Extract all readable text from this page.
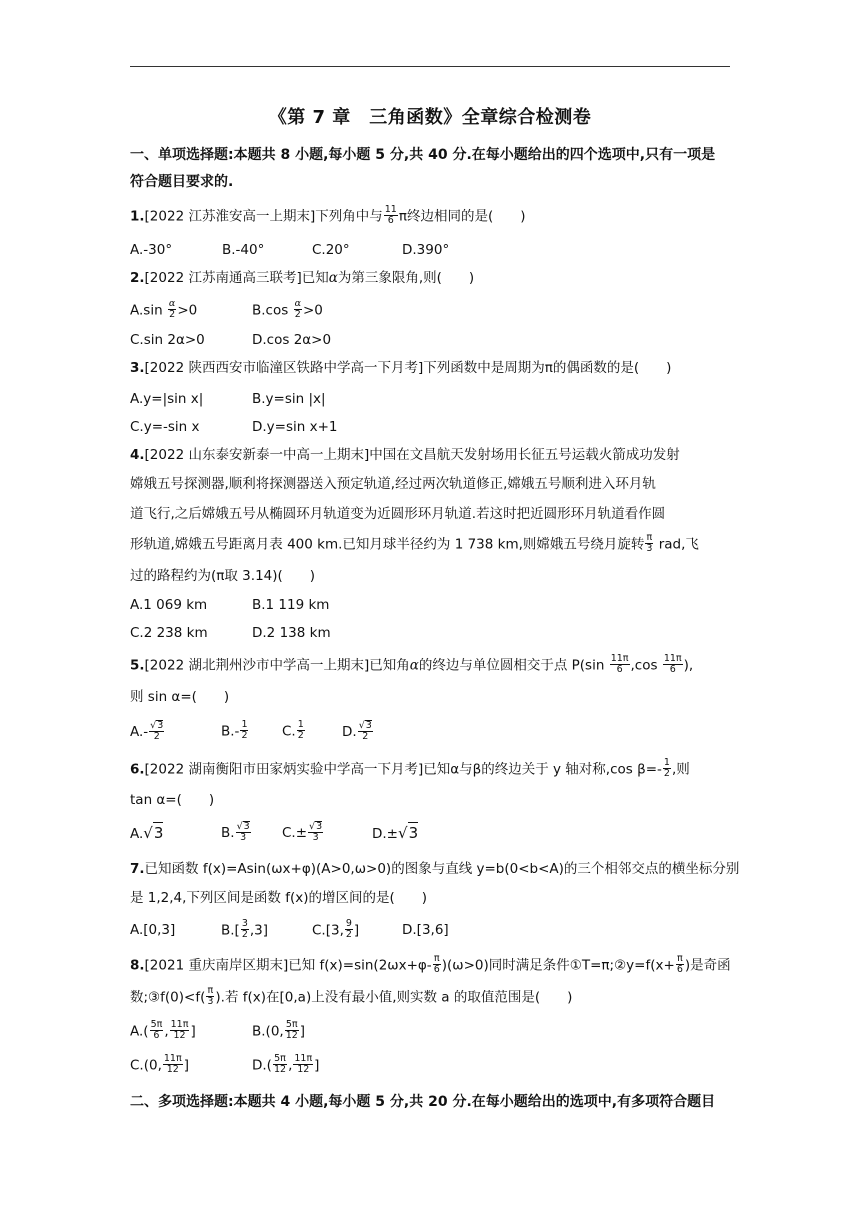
《第 7 章　三角函数》全章综合检测卷
一、单项选择题:本题共 8 小题,每小题 5 分,共 40 分.在每小题给出的四个选项中,只有一项是
符合题目要求的.
1.[2022 江苏淮安高一上期末]下列角中与 $\frac{11}{6}$ π终边相同的是(　　)
A.-30°	B.-40°	C.20°	D.390°
2.[2022 江苏南通高三联考]已知α为第三象限角,则(　　)
$A.\sin \frac{\alpha}{2} >0$	$B.\cos \frac{\alpha}{2} >0$
C.sin 2α>0	D.cos 2α>0
3.[2022 陕西西安市临潼区铁路中学高一下月考]下列函数中是周期为π的偶函数的是(　　)
A.y=|sin x|	B.y=sin |x|
C.y=-sin x	D.y=sin x+1
4.[2022 山东泰安新泰一中高一上期末]中国在文昌航天发射场用长征五号运载火箭成功发射
嫦娥五号探测器,顺利将探测器送入预定轨道,经过两次轨道修正,嫦娥五号顺利进入环月轨
道飞行,之后嫦娥五号从椭圆环月轨道变为近圆形环月轨道.若这时把近圆形环月轨道看作圆
形轨道,嫦娥五号距离月表 400 km.已知月球半径约为 1 738 km,则嫦娥五号绕月旋转 $\frac{\pi}{3}$ rad,飞
过的路程约为(π取 3.14)(　　)
A.1 069 km	B.1 119 km
C.2 238 km	D.2 138 km
5.[2022 湖北荆州沙市中学高一上期末]已知角α的终边与单位圆相交于点 $P(\sin \frac{11\pi}{6} ,\cos \frac{11\pi}{6}$ ),
则 sin α=(　　)
$A.- \frac{√3}{2}$	$B.- \frac{1}{2} C$. $\frac{1}{2}$	D. $\frac{√3}{2}$
6.[2022 湖南衡阳市田家炳实验中学高一下月考]已知α与β的终边关于 y 轴对称,cos $\beta=- \frac{1}{2}$ ,则
tan α=(　　)
A.√3	B. $\frac{√3}{3} C.\pm \frac{√3}{3}$	D.±√3
7.已知函数 f(x)=Asin(ωx+φ)(A>0,ω>0)的图象与直线 y=b(0<b<A)的三个相邻交点的横坐标分别
是 1,2,4,下列区间是函数 f(x)的增区间的是(　　)
A.[0,3]	$B.[ \frac{3}{2} ,3]$	C.[3, $\frac{9}{2}$ ]	D.[3,6]
8.[2021 重庆南岸区期末]已知 $f(x)=\sin(2\omega x+\varphi- \frac{\pi}{6} )(\omega>0)$同时满足条件①T=π;②y=f(x+ $\frac{\pi}{6}$ )是奇函
数;③f(0)<f( $\frac{\pi}{3}$ ).若 f(x)在[0,a)上没有最小值,则实数 a 的取值范围是(　　)
$A.( \frac{5\pi}{6}$ , $\frac{11\pi}{12}$ ]	B.(0, $\frac{5\pi}{12}$ ]
C.(0, $\frac{11\pi}{12}$ ]	$D.( \frac{5\pi}{12}$ , $\frac{11\pi}{12}$ ]
二、多项选择题:本题共 4 小题,每小题 5 分,共 20 分.在每小题给出的选项中,有多项符合题目
